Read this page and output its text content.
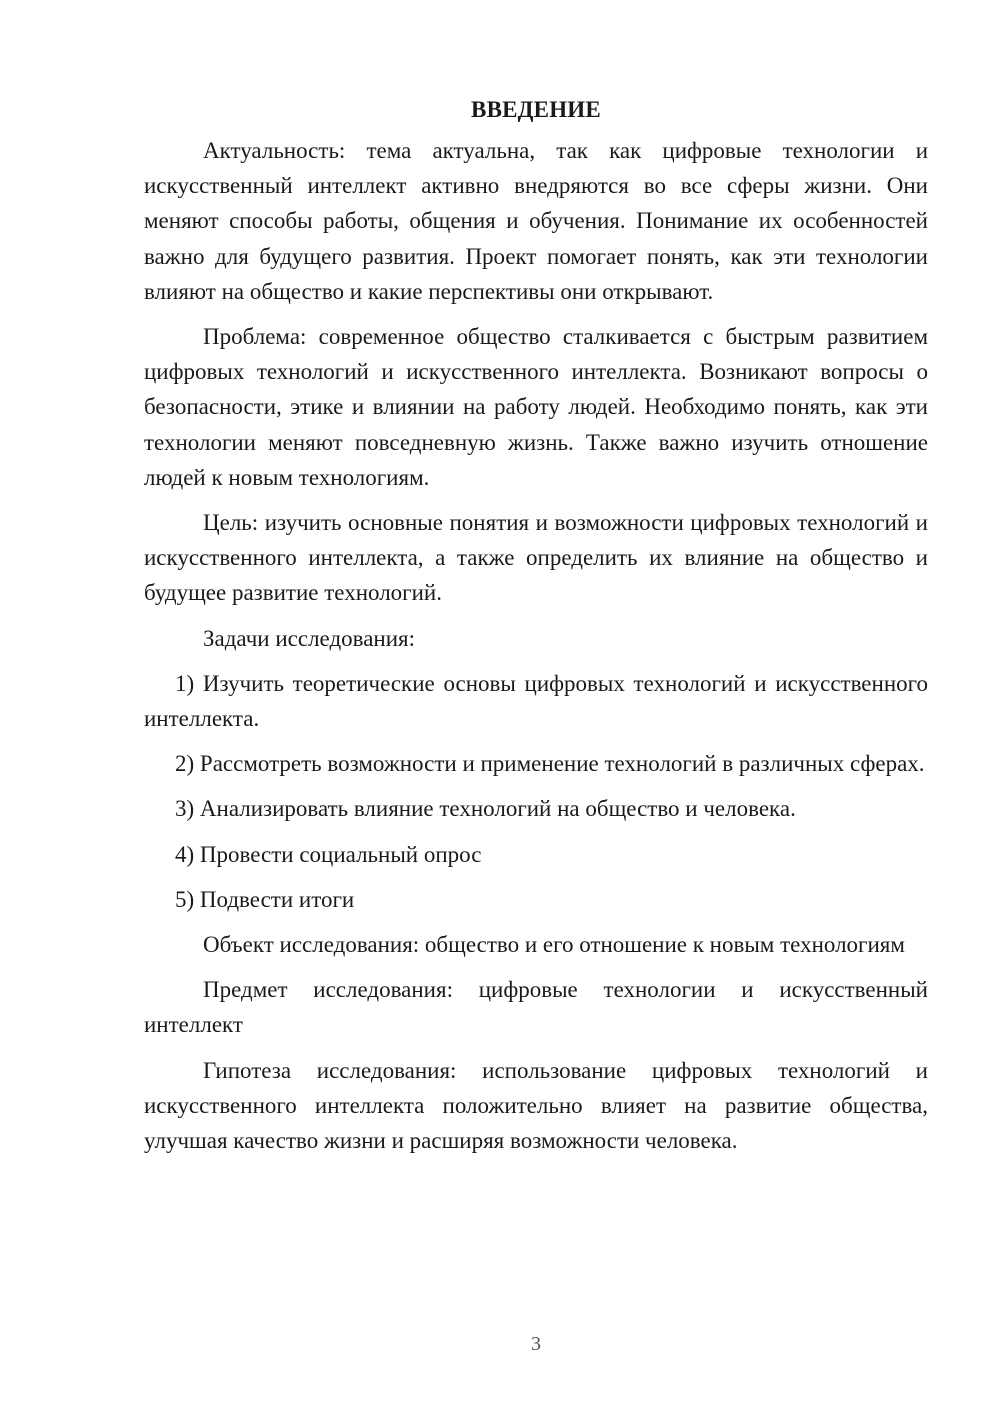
ВВЕДЕНИЕ

Актуальность: тема актуальна, так как цифровые технологии и искусственный интеллект активно внедряются во все сферы жизни. Они меняют способы работы, общения и обучения. Понимание их особенностей важно для будущего развития. Проект помогает понять, как эти технологии влияют на общество и какие перспективы они открывают.

Проблема: современное общество сталкивается с быстрым развитием цифровых технологий и искусственного интеллекта. Возникают вопросы о безопасности, этике и влиянии на работу людей. Необходимо понять, как эти технологии меняют повседневную жизнь. Также важно изучить отношение людей к новым технологиям.

Цель: изучить основные понятия и возможности цифровых технологий и искусственного интеллекта, а также определить их влияние на общество и будущее развитие технологий.

Задачи исследования:

1) Изучить теоретические основы цифровых технологий и искусственного интеллекта.

2) Рассмотреть возможности и применение технологий в различных сферах.

3) Анализировать влияние технологий на общество и человека.

4) Провести социальный опрос

5) Подвести итоги

Объект исследования: общество и его отношение к новым технологиям

Предмет исследования: цифровые технологии и искусственный интеллект

Гипотеза исследования: использование цифровых технологий и искусственного интеллекта положительно влияет на развитие общества, улучшая качество жизни и расширяя возможности человека.

3
